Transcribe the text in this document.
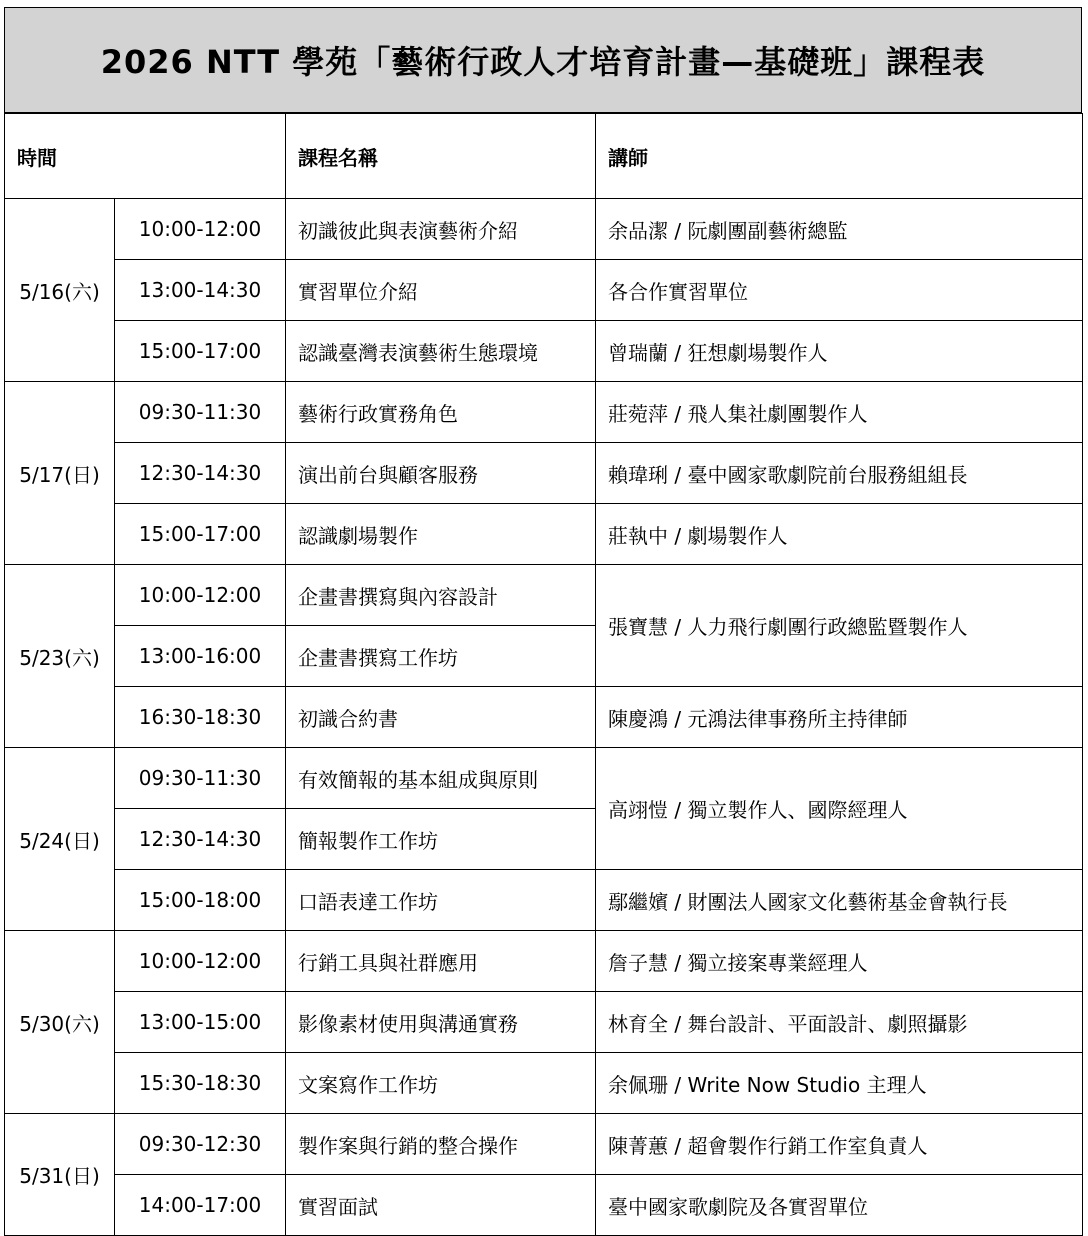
2026 NTT 學苑「藝術行政人才培育計畫—基礎班」課程表
時間		課程名稱	講師
5/16(六)	10:00-12:00	初識彼此與表演藝術介紹	余品潔 / 阮劇團副藝術總監
	13:00-14:30	實習單位介紹	各合作實習單位
	15:00-17:00	認識臺灣表演藝術生態環境	曾瑞蘭 / 狂想劇場製作人
5/17(日)	09:30-11:30	藝術行政實務角色	莊菀萍 / 飛人集社劇團製作人
	12:30-14:30	演出前台與顧客服務	賴瑋琍 / 臺中國家歌劇院前台服務組組長
	15:00-17:00	認識劇場製作	莊執中 / 劇場製作人
5/23(六)	10:00-12:00	企畫書撰寫與內容設計	張寶慧 / 人力飛行劇團行政總監暨製作人
	13:00-16:00	企畫書撰寫工作坊	
	16:30-18:30	初識合約書	陳慶鴻 / 元鴻法律事務所主持律師
5/24(日)	09:30-11:30	有效簡報的基本組成與原則	高翊愷 / 獨立製作人、國際經理人
	12:30-14:30	簡報製作工作坊	
	15:00-18:00	口語表達工作坊	鄢繼嬪 / 財團法人國家文化藝術基金會執行長
5/30(六)	10:00-12:00	行銷工具與社群應用	詹子慧 / 獨立接案專業經理人
	13:00-15:00	影像素材使用與溝通實務	林育全 / 舞台設計、平面設計、劇照攝影
	15:30-18:30	文案寫作工作坊	余佩珊 / Write Now Studio 主理人
5/31(日)	09:30-12:30	製作案與行銷的整合操作	陳菁蕙 / 超會製作行銷工作室負責人
	14:00-17:00	實習面試	臺中國家歌劇院及各實習單位
